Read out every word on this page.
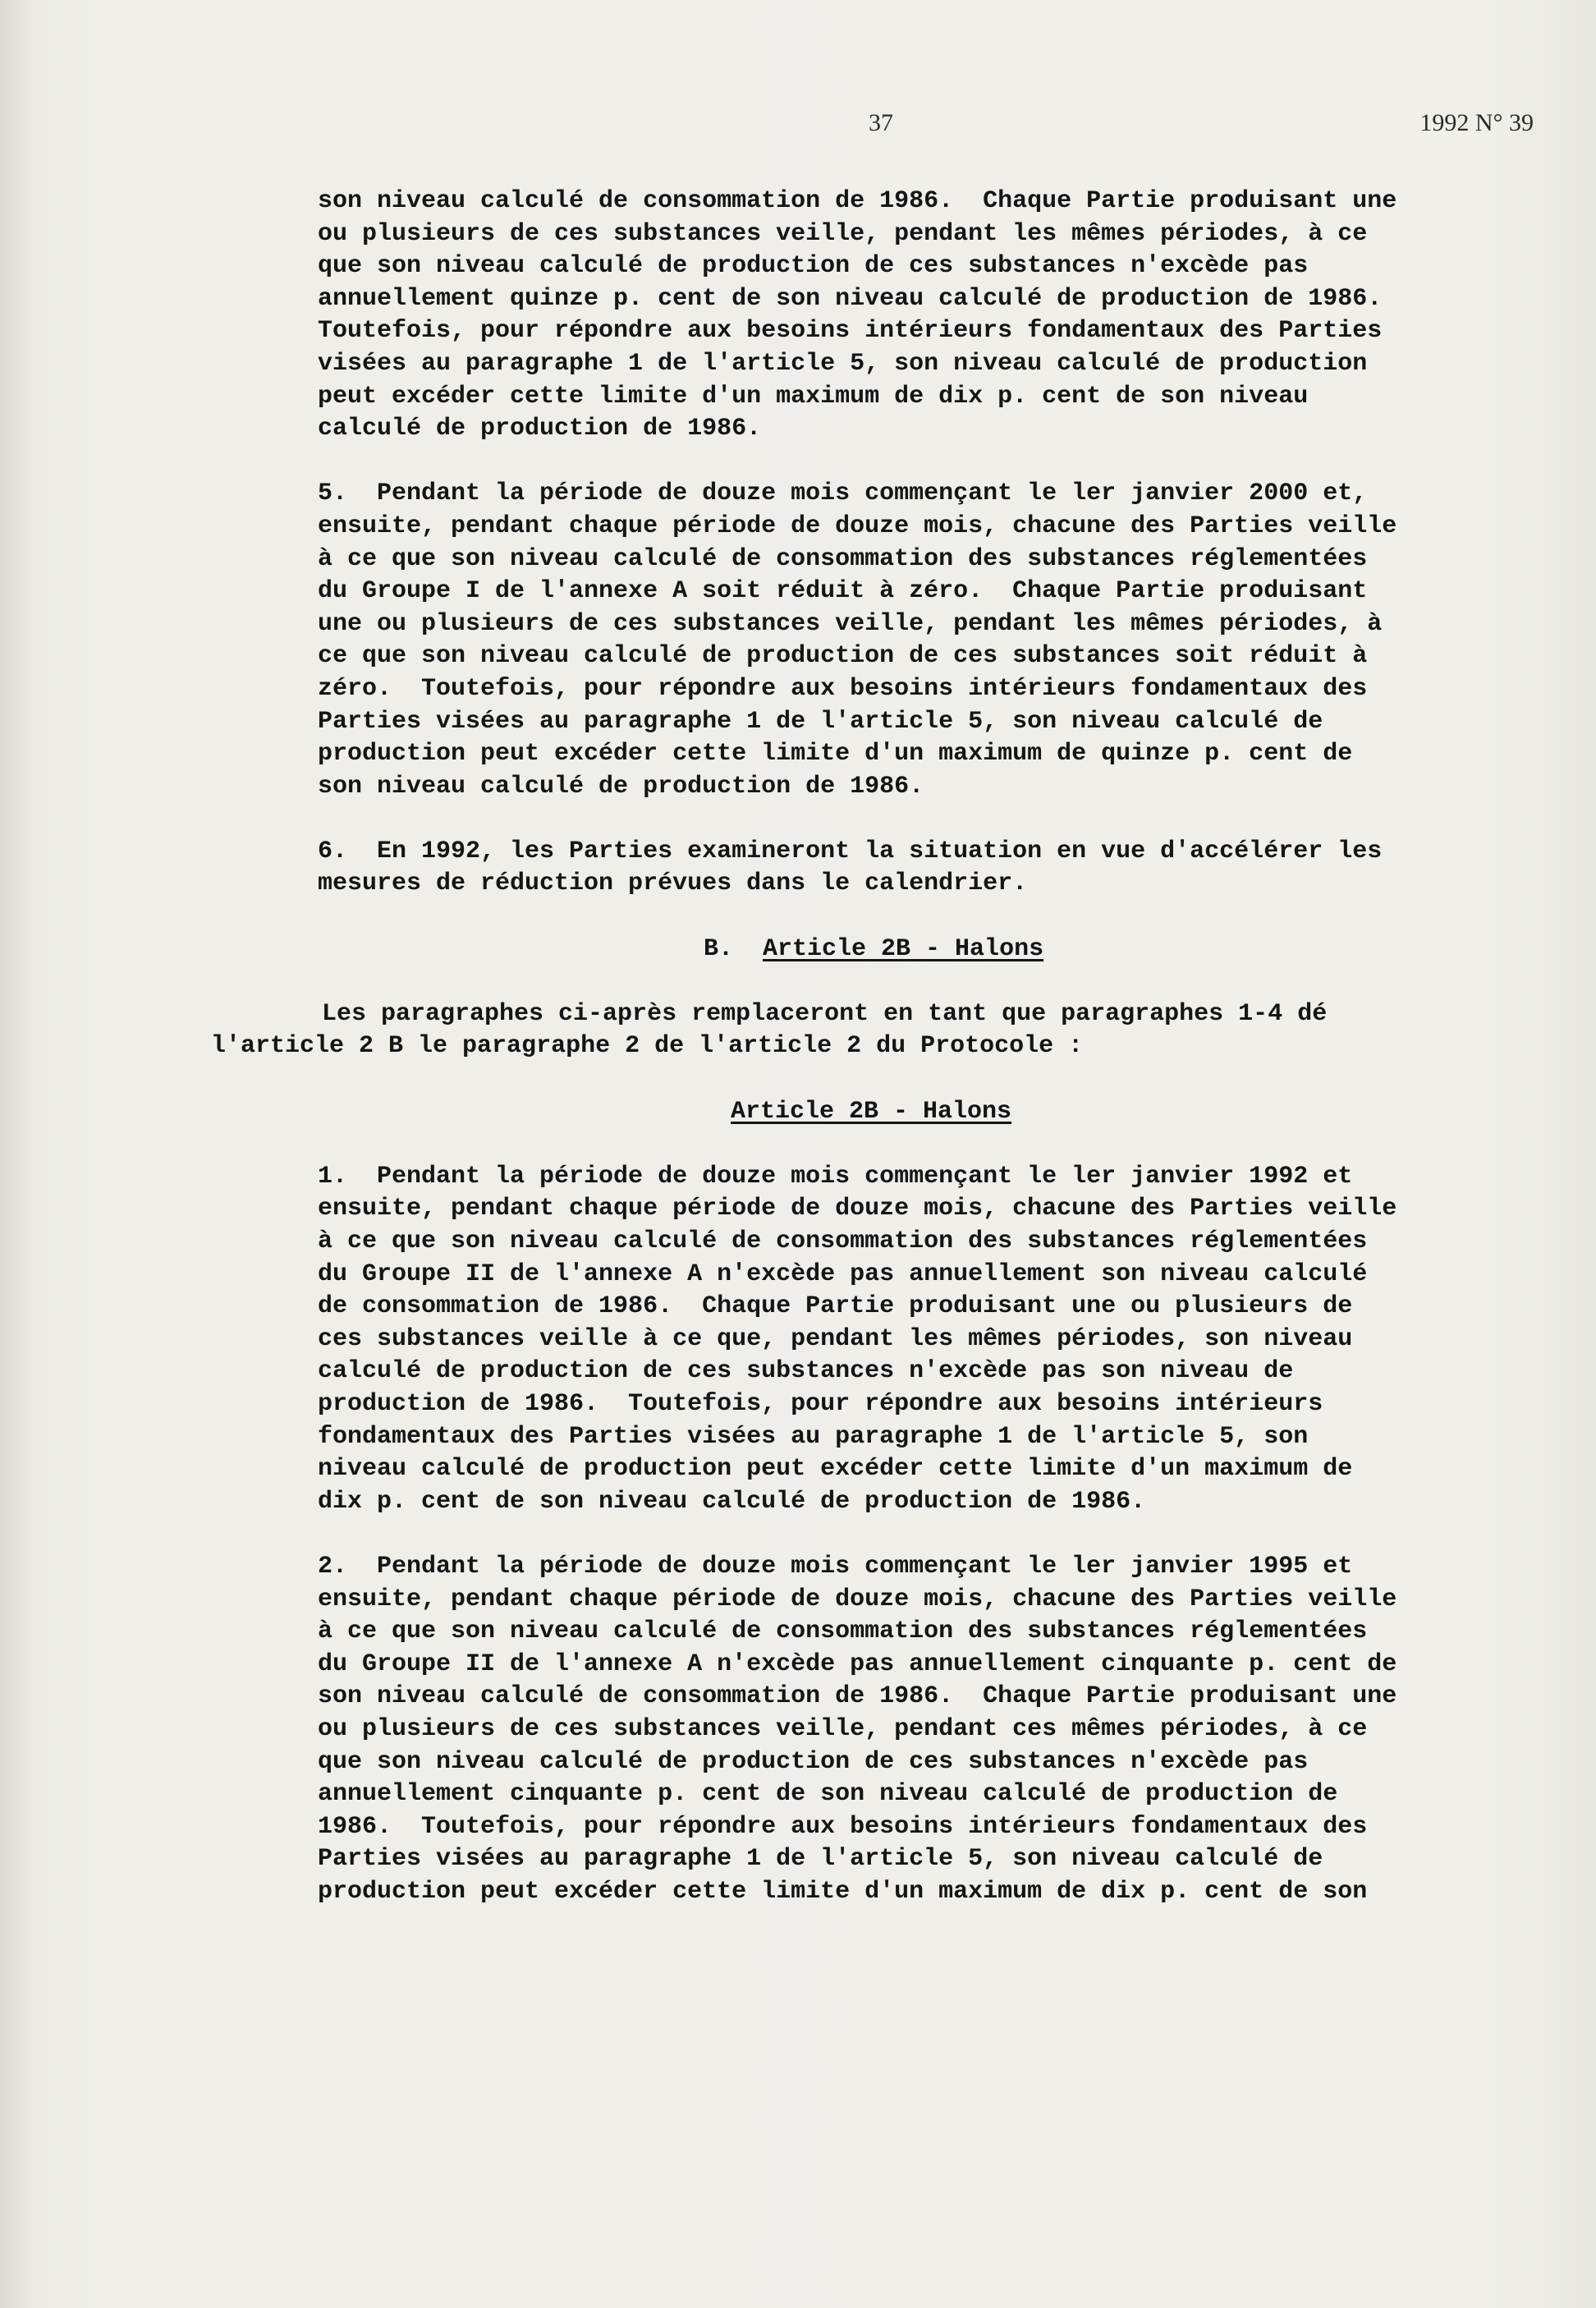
37	1992 N° 39

son niveau calculé de consommation de 1986.  Chaque Partie produisant une

ou plusieurs de ces substances veille, pendant les mêmes périodes, à ce

que son niveau calculé de production de ces substances n'excède pas

annuellement quinze p. cent de son niveau calculé de production de 1986.

Toutefois, pour répondre aux besoins intérieurs fondamentaux des Parties

visées au paragraphe 1 de l'article 5, son niveau calculé de production

peut excéder cette limite d'un maximum de dix p. cent de son niveau

calculé de production de 1986.

5.  Pendant la période de douze mois commençant le ler janvier 2000 et,

ensuite, pendant chaque période de douze mois, chacune des Parties veille

à ce que son niveau calculé de consommation des substances réglementées

du Groupe I de l'annexe A soit réduit à zéro.  Chaque Partie produisant

une ou plusieurs de ces substances veille, pendant les mêmes périodes, à

ce que son niveau calculé de production de ces substances soit réduit à

zéro.  Toutefois, pour répondre aux besoins intérieurs fondamentaux des

Parties visées au paragraphe 1 de l'article 5, son niveau calculé de

production peut excéder cette limite d'un maximum de quinze p. cent de

son niveau calculé de production de 1986.

6.  En 1992, les Parties examineront la situation en vue d'accélérer les

mesures de réduction prévues dans le calendrier.

B.  Article 2B - Halons

Les paragraphes ci-après remplaceront en tant que paragraphes 1-4 dé

l'article 2 B le paragraphe 2 de l'article 2 du Protocole :

Article 2B - Halons

1.  Pendant la période de douze mois commençant le ler janvier 1992 et

ensuite, pendant chaque période de douze mois, chacune des Parties veille

à ce que son niveau calculé de consommation des substances réglementées

du Groupe II de l'annexe A n'excède pas annuellement son niveau calculé

de consommation de 1986.  Chaque Partie produisant une ou plusieurs de

ces substances veille à ce que, pendant les mêmes périodes, son niveau

calculé de production de ces substances n'excède pas son niveau de

production de 1986.  Toutefois, pour répondre aux besoins intérieurs

fondamentaux des Parties visées au paragraphe 1 de l'article 5, son

niveau calculé de production peut excéder cette limite d'un maximum de

dix p. cent de son niveau calculé de production de 1986.

2.  Pendant la période de douze mois commençant le ler janvier 1995 et

ensuite, pendant chaque période de douze mois, chacune des Parties veille

à ce que son niveau calculé de consommation des substances réglementées

du Groupe II de l'annexe A n'excède pas annuellement cinquante p. cent de

son niveau calculé de consommation de 1986.  Chaque Partie produisant une

ou plusieurs de ces substances veille, pendant ces mêmes périodes, à ce

que son niveau calculé de production de ces substances n'excède pas

annuellement cinquante p. cent de son niveau calculé de production de

1986.  Toutefois, pour répondre aux besoins intérieurs fondamentaux des

Parties visées au paragraphe 1 de l'article 5, son niveau calculé de

production peut excéder cette limite d'un maximum de dix p. cent de son
